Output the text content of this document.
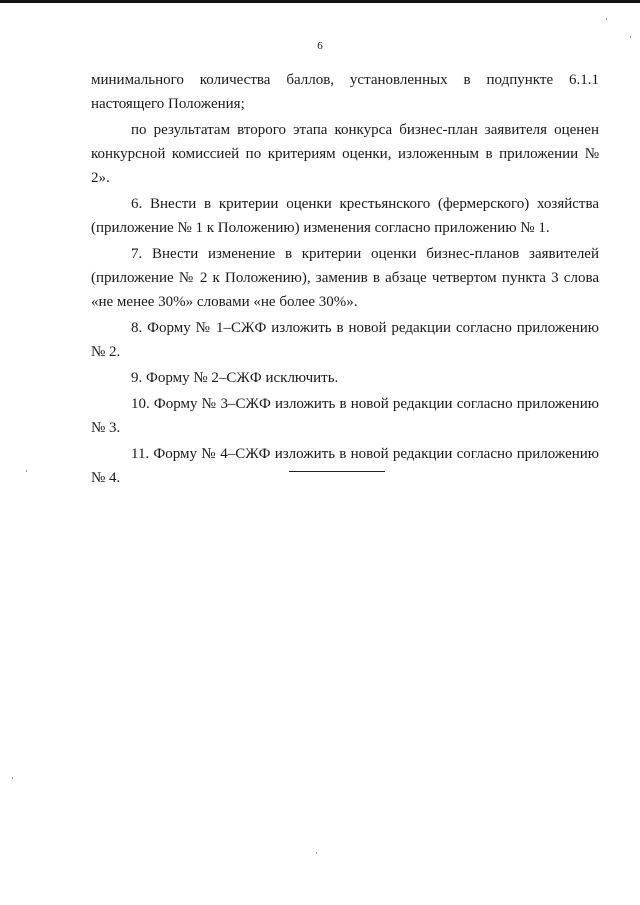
6

минимального количества баллов, установленных в подпункте 6.1.1 настоящего Положения;

по результатам второго этапа конкурса бизнес-план заявителя оценен конкурсной комиссией по критериям оценки, изложенным в приложении № 2».

6. Внести в критерии оценки крестьянского (фермерского) хозяйства (приложение № 1 к Положению) изменения согласно приложению № 1.

7. Внести изменение в критерии оценки бизнес-планов заявителей (приложение № 2 к Положению), заменив в абзаце четвертом пункта 3 слова «не менее 30%» словами «не более 30%».

8. Форму № 1–СЖФ изложить в новой редакции согласно приложению № 2.

9. Форму № 2–СЖФ исключить.

10. Форму № 3–СЖФ изложить в новой редакции согласно приложению № 3.

11. Форму № 4–СЖФ изложить в новой редакции согласно приложению № 4.
